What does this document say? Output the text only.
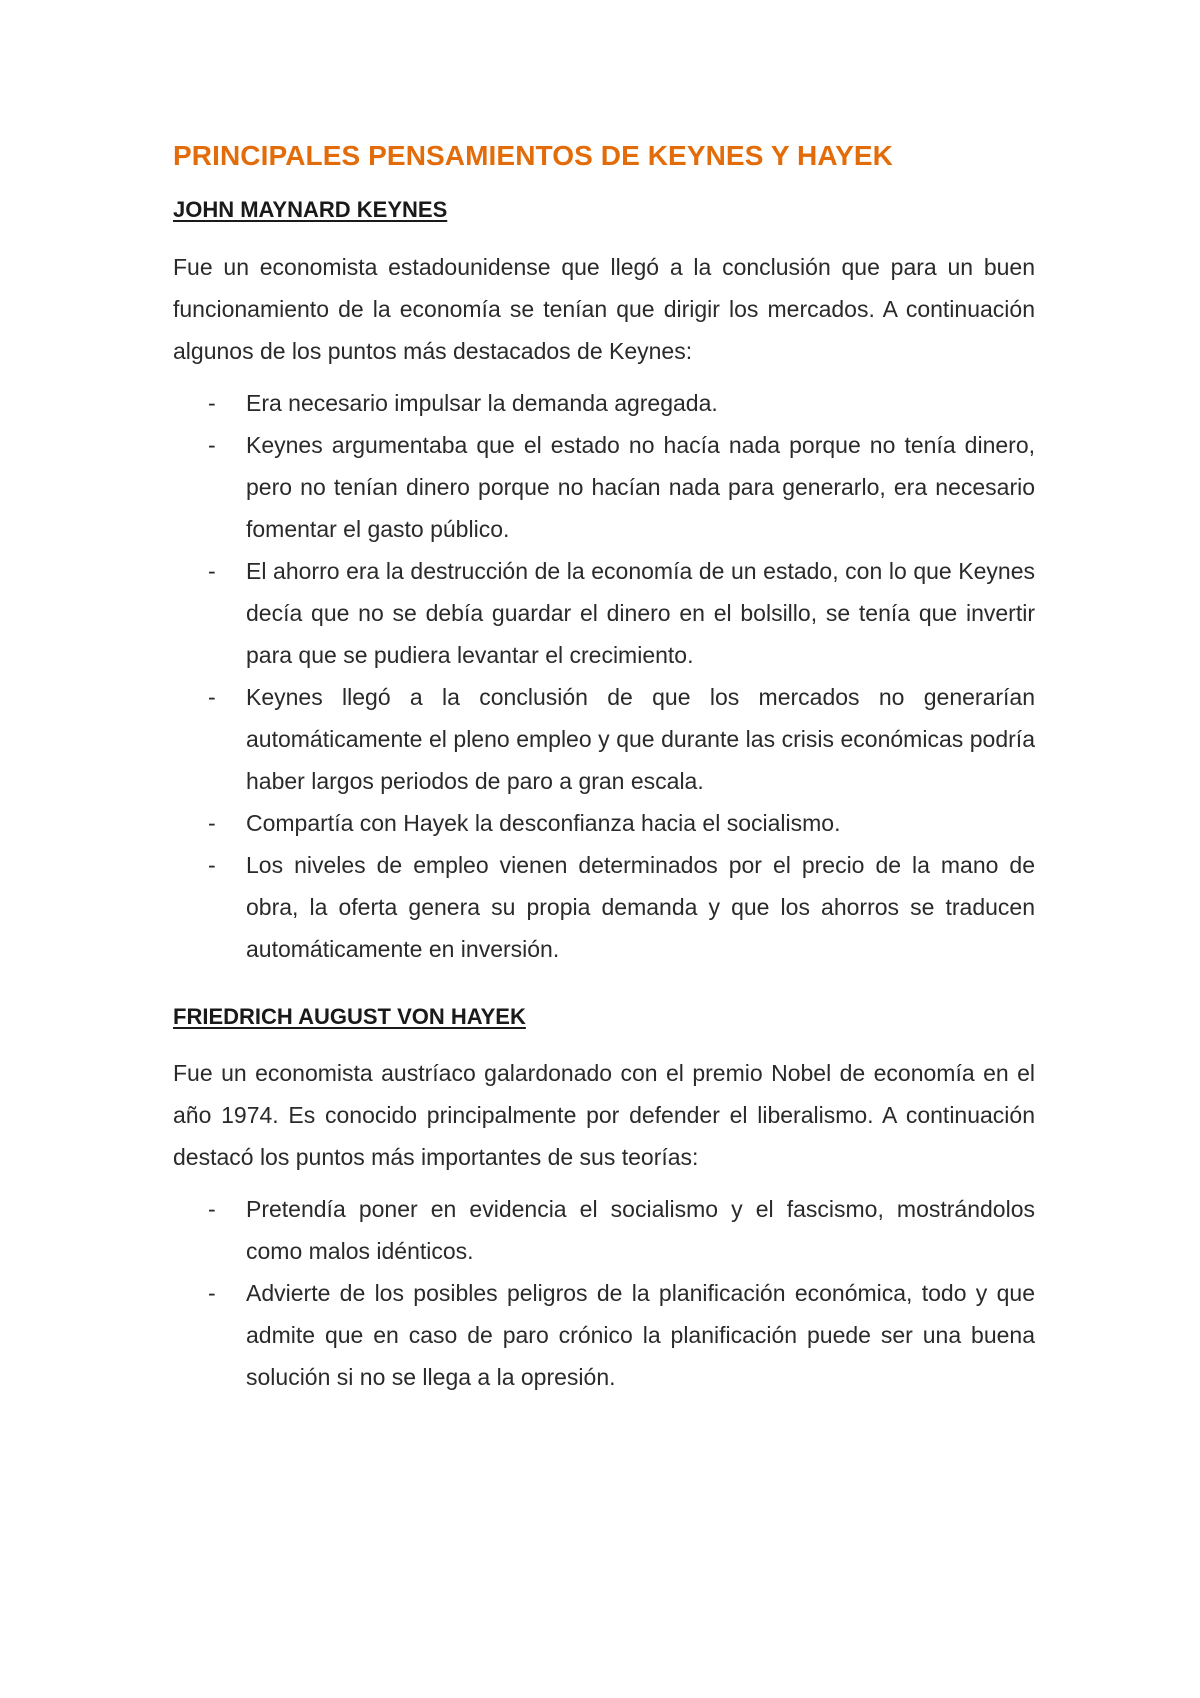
PRINCIPALES PENSAMIENTOS DE KEYNES Y HAYEK
JOHN MAYNARD KEYNES

Fue un economista estadounidense que llegó a la conclusión que para un buen funcionamiento de la economía se tenían que dirigir los mercados. A continuación algunos de los puntos más destacados de Keynes:

- Era necesario impulsar la demanda agregada.
- Keynes argumentaba que el estado no hacía nada porque no tenía dinero, pero no tenían dinero porque no hacían nada para generarlo, era necesario fomentar el gasto público.
- El ahorro era la destrucción de la economía de un estado, con lo que Keynes decía que no se debía guardar el dinero en el bolsillo, se tenía que invertir para que se pudiera levantar el crecimiento.
- Keynes llegó a la conclusión de que los mercados no generarían automáticamente el pleno empleo y que durante las crisis económicas podría haber largos periodos de paro a gran escala.
- Compartía con Hayek la desconfianza hacia el socialismo.
- Los niveles de empleo vienen determinados por el precio de la mano de obra, la oferta genera su propia demanda y que los ahorros se traducen automáticamente en inversión.
FRIEDRICH AUGUST VON HAYEK

Fue un economista austríaco galardonado con el premio Nobel de economía en el año 1974. Es conocido principalmente por defender el liberalismo. A continuación destacó los puntos más importantes de sus teorías:

- Pretendía poner en evidencia el socialismo y el fascismo, mostrándolos como malos idénticos.
- Advierte de los posibles peligros de la planificación económica, todo y que admite que en caso de paro crónico la planificación puede ser una buena solución si no se llega a la opresión.
